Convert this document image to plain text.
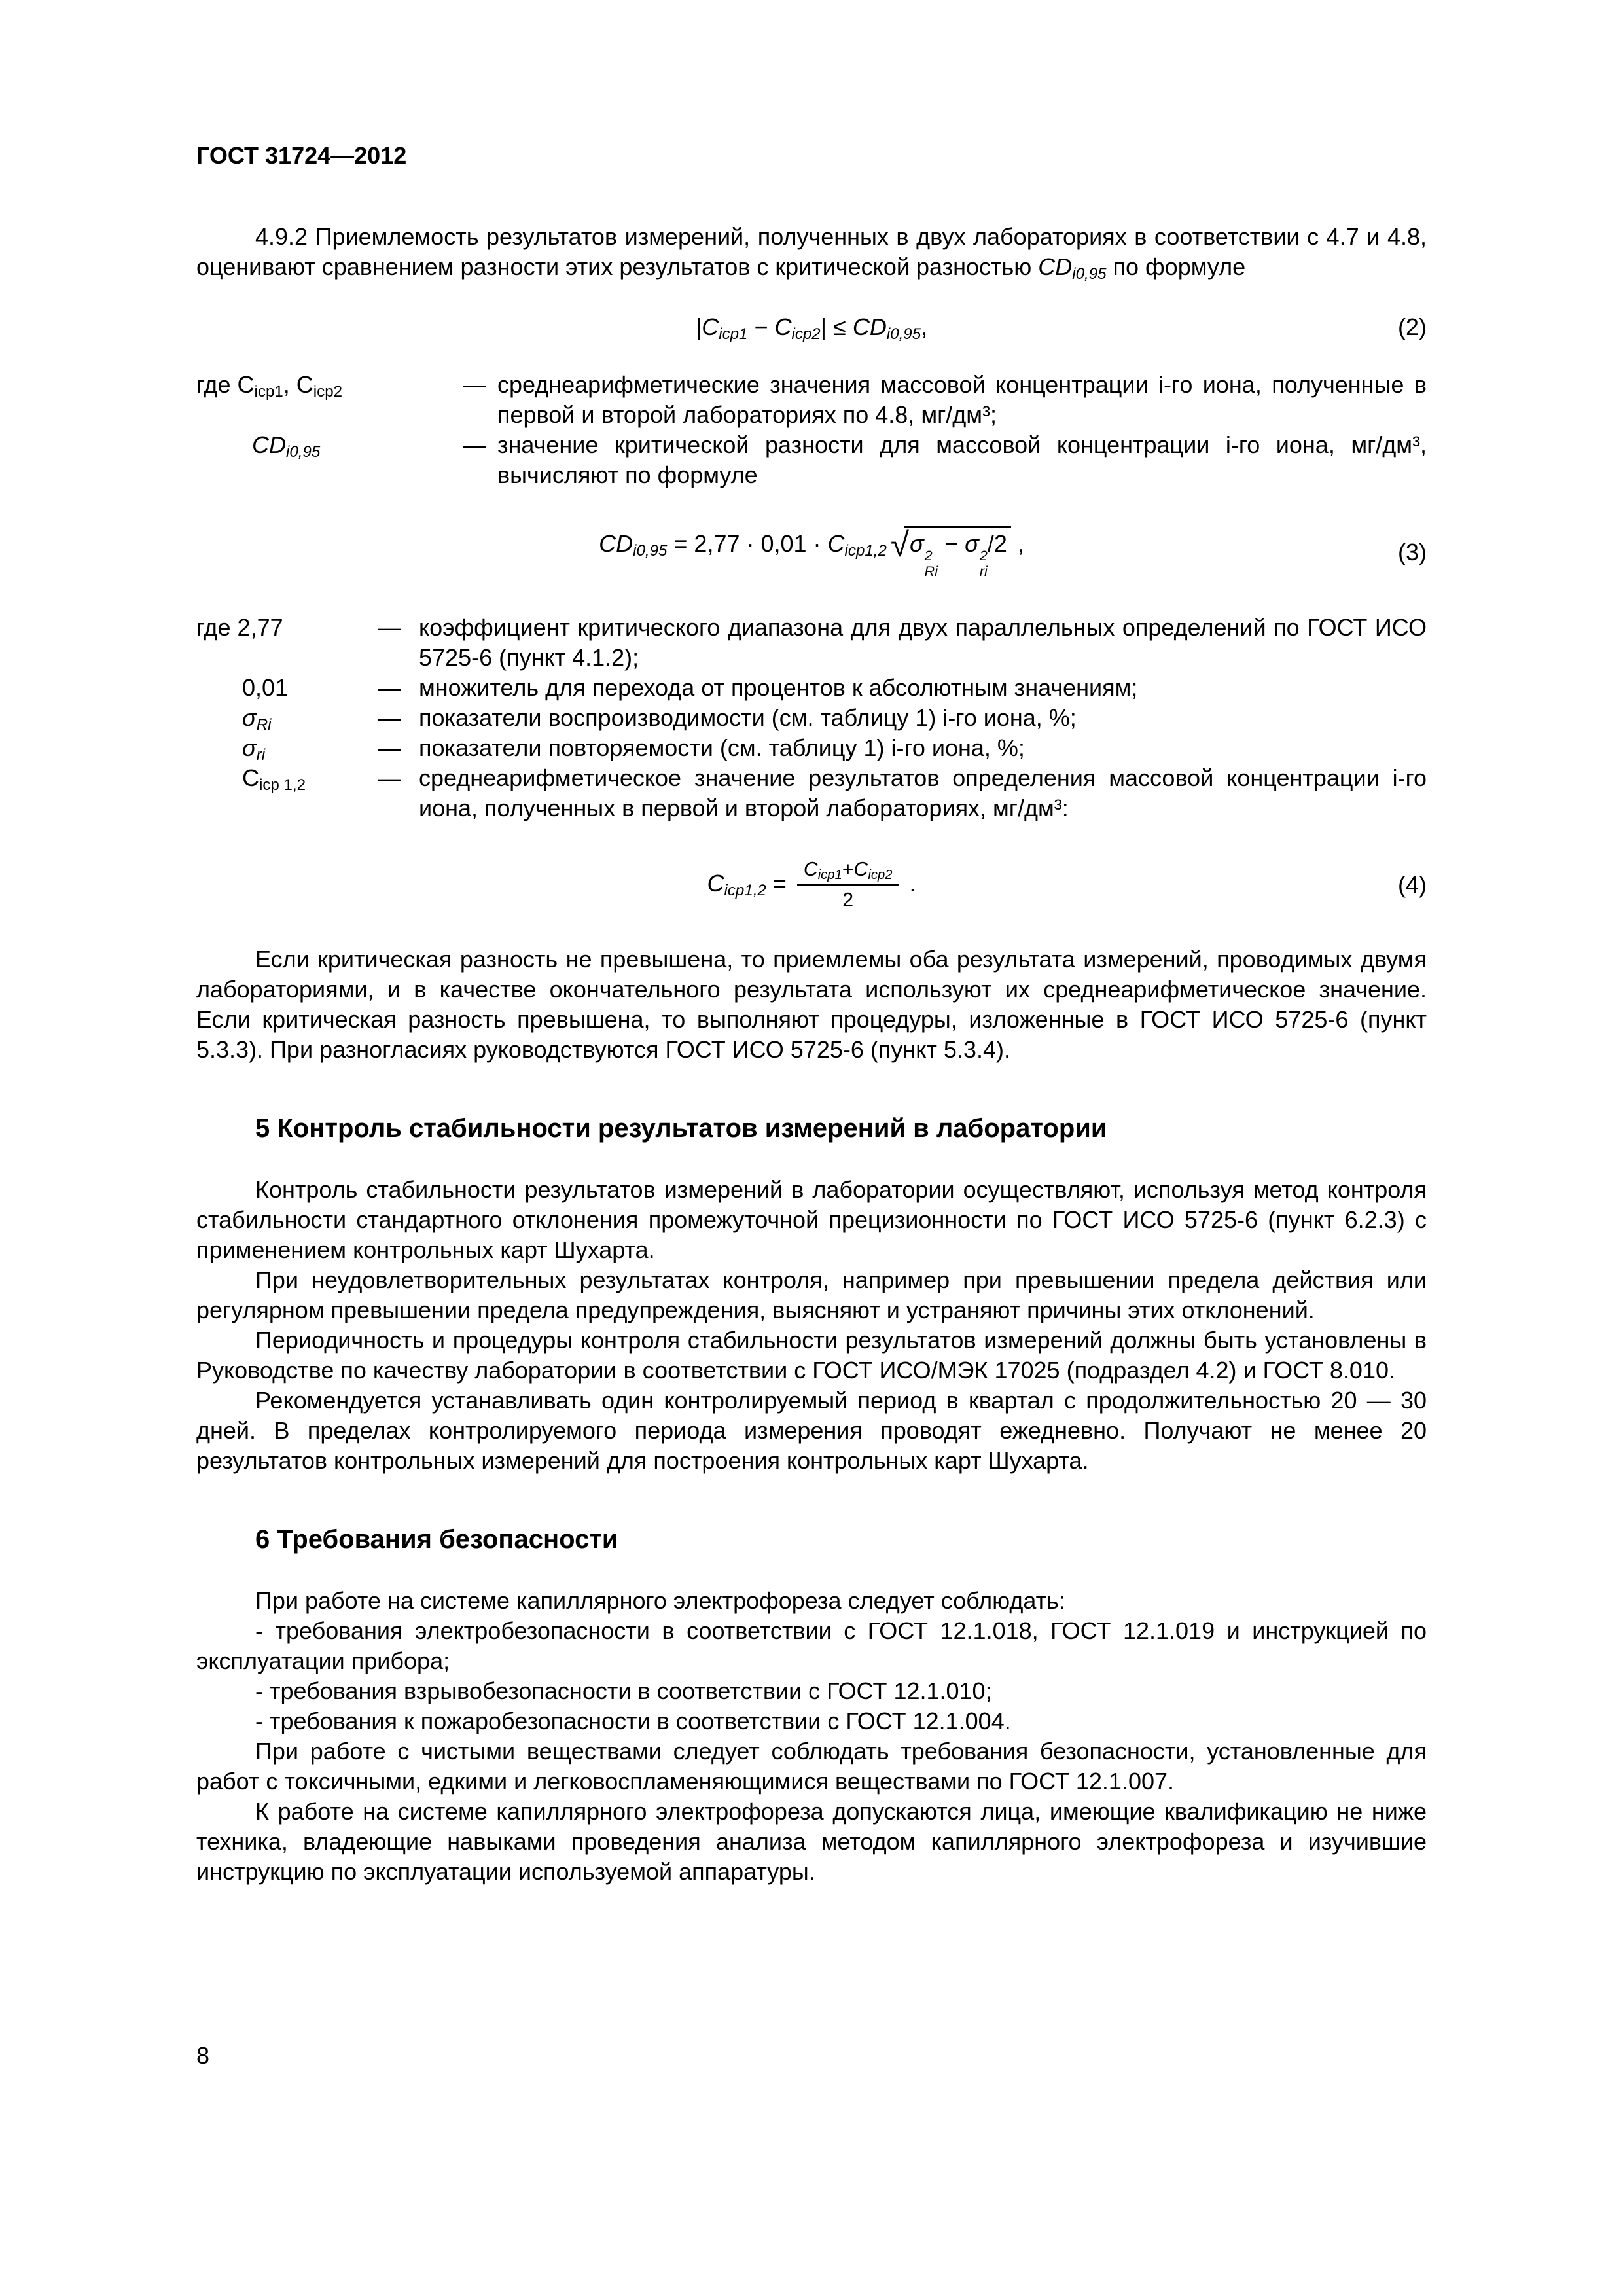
ГОСТ 31724—2012

4.9.2 Приемлемость результатов измерений, полученных в двух лабораториях в соответствии с 4.7 и 4.8, оценивают сравнением разности этих результатов с критической разностью $CD_{i0,95}$ по формуле

$|C_{icp1} - C_{icp2}| \le CD_{i0,95}$,	(2)
где $С_{icp1}$, $С_{icp2}$	— среднеарифметические значения массовой концентрации i-го иона, полученные в первой и второй лабораториях по 4.8, мг/дм³;
$CD_{i0,95}$	— значение критической разности для массовой концентрации i-го иона, мг/дм³, вычисляют по формуле
$CD_{i0,95} = 2,77 \cdot 0,01 \cdot C_{icp1,2}$ √σ 2
Ri
− σ 2
ri
/2 ,	(3)
где 2,77	— коэффициент критического диапазона для двух параллельных определений по ГОСТ ИСО 5725-6 (пункт 4.1.2);
0,01	— множитель для перехода от процентов к абсолютным значениям;
$\sigma_{Ri}$	— показатели воспроизводимости (см. таблицу 1) i-го иона, %;
$\sigma_{ri}$	— показатели повторяемости (см. таблицу 1) i-го иона, %;
$С_{icp 1,2}$	— среднеарифметическое значение результатов определения массовой концентрации i-го иона, полученных в первой и второй лабораториях, мг/дм³:
$C_{icp1,2} = \frac{C_{icp1}+C_{icp2}}{2}$ .	(4)

Если критическая разность не превышена, то приемлемы оба результата измерений, проводимых двумя лабораториями, и в качестве окончательного результата используют их среднеарифметическое значение. Если критическая разность превышена, то выполняют процедуры, изложенные в ГОСТ ИСО 5725-6 (пункт 5.3.3). При разногласиях руководствуются ГОСТ ИСО 5725-6 (пункт 5.3.4).

5 Контроль стабильности результатов измерений в лаборатории

Контроль стабильности результатов измерений в лаборатории осуществляют, используя метод контроля стабильности стандартного отклонения промежуточной прецизионности по ГОСТ ИСО 5725-6 (пункт 6.2.3) с применением контрольных карт Шухарта.

При неудовлетворительных результатах контроля, например при превышении предела действия или регулярном превышении предела предупреждения, выясняют и устраняют причины этих отклонений.

Периодичность и процедуры контроля стабильности результатов измерений должны быть установлены в Руководстве по качеству лаборатории в соответствии с ГОСТ ИСО/МЭК 17025 (подраздел 4.2) и ГОСТ 8.010.

Рекомендуется устанавливать один контролируемый период в квартал с продолжительностью 20 — 30 дней. В пределах контролируемого периода измерения проводят ежедневно. Получают не менее 20 результатов контрольных измерений для построения контрольных карт Шухарта.

6 Требования безопасности

При работе на системе капиллярного электрофореза следует соблюдать:

- требования электробезопасности в соответствии с ГОСТ 12.1.018, ГОСТ 12.1.019 и инструкцией по эксплуатации прибора;

- требования взрывобезопасности в соответствии с ГОСТ 12.1.010;

- требования к пожаробезопасности в соответствии с ГОСТ 12.1.004.

При работе с чистыми веществами следует соблюдать требования безопасности, установленные для работ с токсичными, едкими и легковоспламеняющимися веществами по ГОСТ 12.1.007.

К работе на системе капиллярного электрофореза допускаются лица, имеющие квалификацию не ниже техника, владеющие навыками проведения анализа методом капиллярного электрофореза и изучившие инструкцию по эксплуатации используемой аппаратуры.

8
